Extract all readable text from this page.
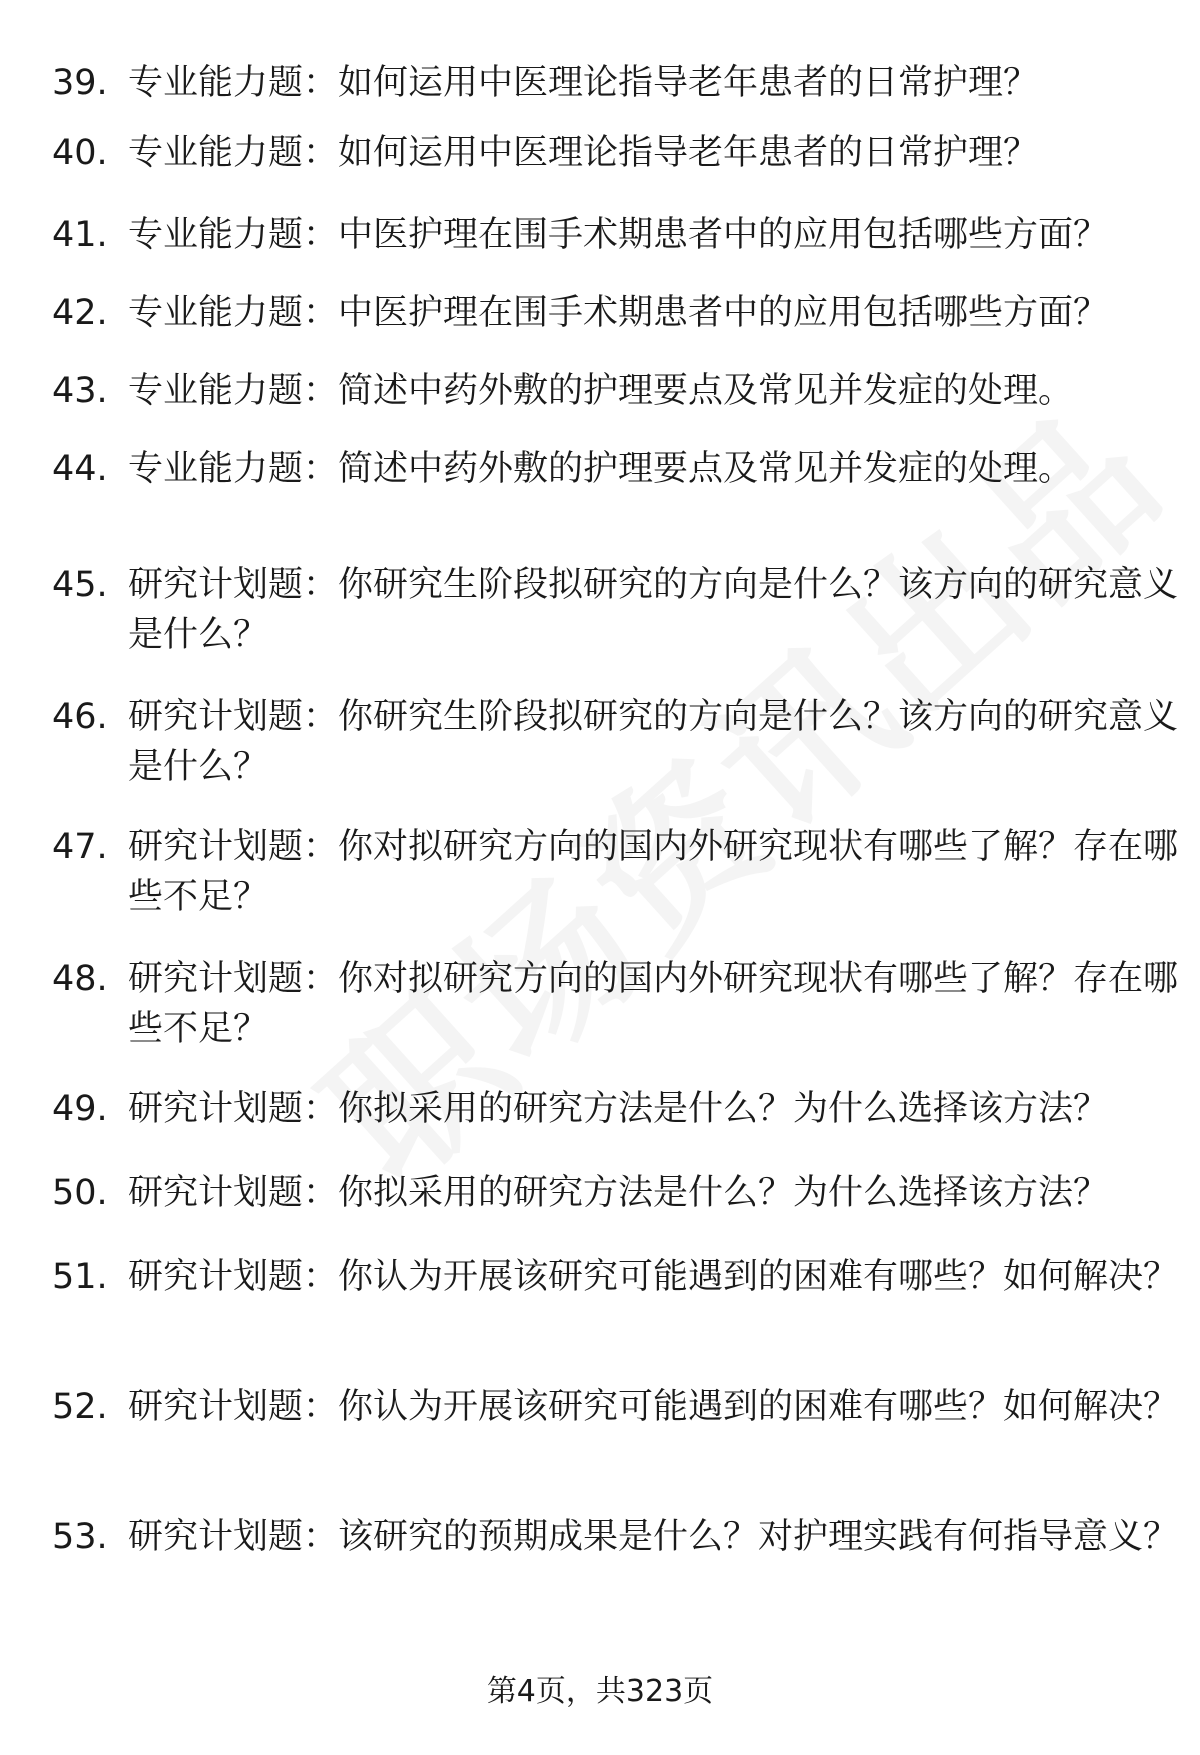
39. 专业能力题：如何运用中医理论指导老年患者的日常护理？
40. 专业能力题：如何运用中医理论指导老年患者的日常护理？
41. 专业能力题：中医护理在围手术期患者中的应用包括哪些方面？
42. 专业能力题：中医护理在围手术期患者中的应用包括哪些方面？
43. 专业能力题：简述中药外敷的护理要点及常见并发症的处理。
44. 专业能力题：简述中药外敷的护理要点及常见并发症的处理。
45. 研究计划题：你研究生阶段拟研究的方向是什么？该方向的研究意义是什么？
46. 研究计划题：你研究生阶段拟研究的方向是什么？该方向的研究意义是什么？
47. 研究计划题：你对拟研究方向的国内外研究现状有哪些了解？存在哪些不足？
48. 研究计划题：你对拟研究方向的国内外研究现状有哪些了解？存在哪些不足？
49. 研究计划题：你拟采用的研究方法是什么？为什么选择该方法？
50. 研究计划题：你拟采用的研究方法是什么？为什么选择该方法？
51. 研究计划题：你认为开展该研究可能遇到的困难有哪些？如何解决？
52. 研究计划题：你认为开展该研究可能遇到的困难有哪些？如何解决？
53. 研究计划题：该研究的预期成果是什么？对护理实践有何指导意义？
第4页，共323页
